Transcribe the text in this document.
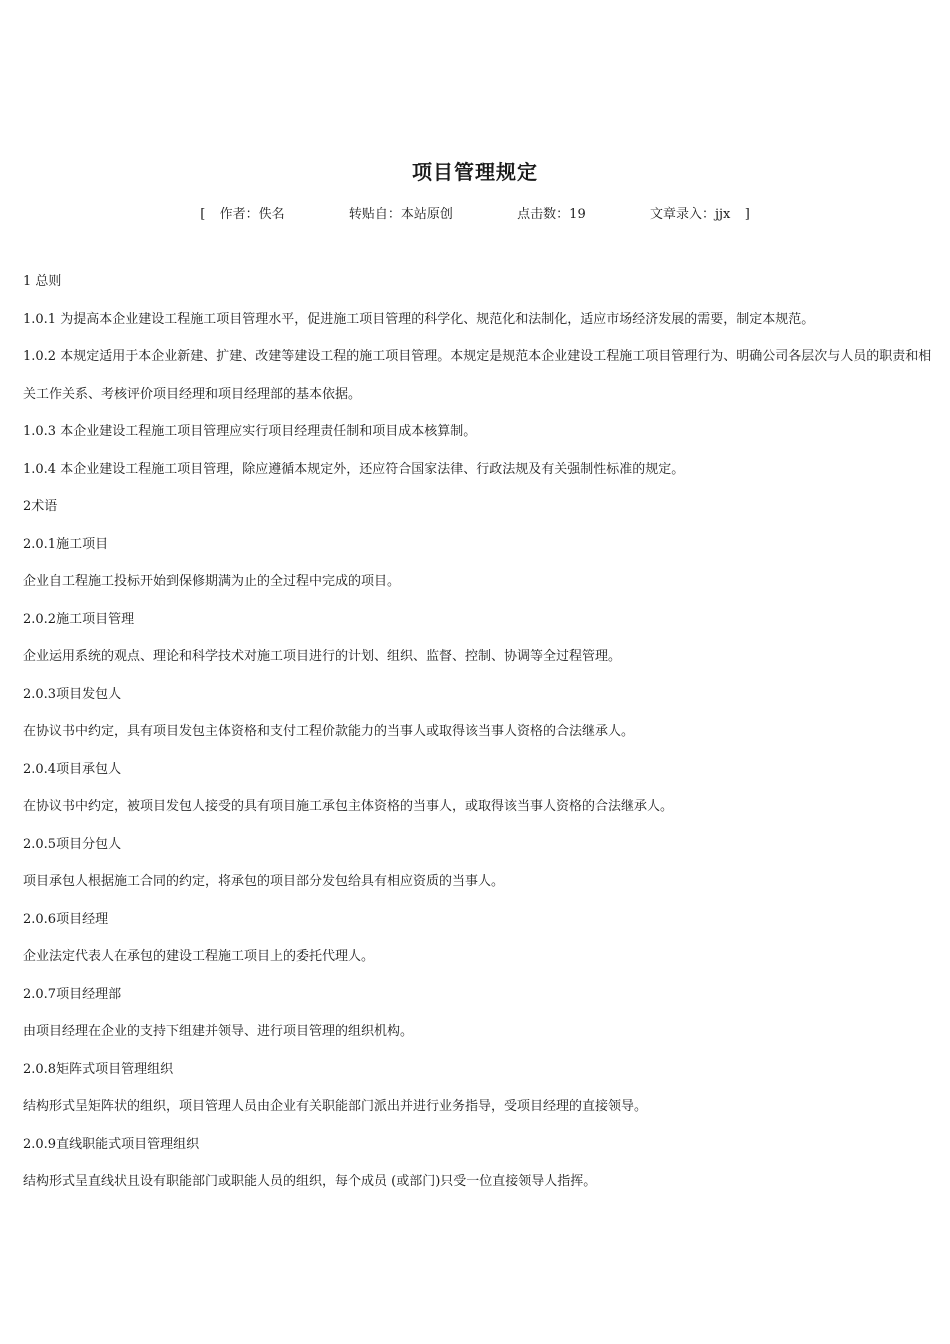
项目管理规定
[ 作者：佚名	转贴自：本站原创	点击数：19	文章录入：jjx ]

1 总则

1.0.1 为提高本企业建设工程施工项目管理水平，促进施工项目管理的科学化、规范化和法制化，适应市场经济发展的需要，制定本规范。

1.0.2 本规定适用于本企业新建、扩建、改建等建设工程的施工项目管理。本规定是规范本企业建设工程施工项目管理行为、明确公司各层次与人员的职责和相关工作关系、考核评价项目经理和项目经理部的基本依据。

1.0.3 本企业建设工程施工项目管理应实行项目经理责任制和项目成本核算制。

1.0.4 本企业建设工程施工项目管理，除应遵循本规定外，还应符合国家法律、行政法规及有关强制性标准的规定。

2术语

2.0.1施工项目

企业自工程施工投标开始到保修期满为止的全过程中完成的项目。

2.0.2施工项目管理

企业运用系统的观点、理论和科学技术对施工项目进行的计划、组织、监督、控制、协调等全过程管理。

2.0.3项目发包人

在协议书中约定，具有项目发包主体资格和支付工程价款能力的当事人或取得该当事人资格的合法继承人。

2.0.4项目承包人

在协议书中约定，被项目发包人接受的具有项目施工承包主体资格的当事人，或取得该当事人资格的合法继承人。

2.0.5项目分包人

项目承包人根据施工合同的约定，将承包的项目部分发包给具有相应资质的当事人。

2.0.6项目经理

企业法定代表人在承包的建设工程施工项目上的委托代理人。

2.0.7项目经理部

由项目经理在企业的支持下组建并领导、进行项目管理的组织机构。

2.0.8矩阵式项目管理组织

结构形式呈矩阵状的组织，项目管理人员由企业有关职能部门派出并进行业务指导，受项目经理的直接领导。

2.0.9直线职能式项目管理组织

结构形式呈直线状且设有职能部门或职能人员的组织，每个成员 (或部门)只受一位直接领导人指挥。
